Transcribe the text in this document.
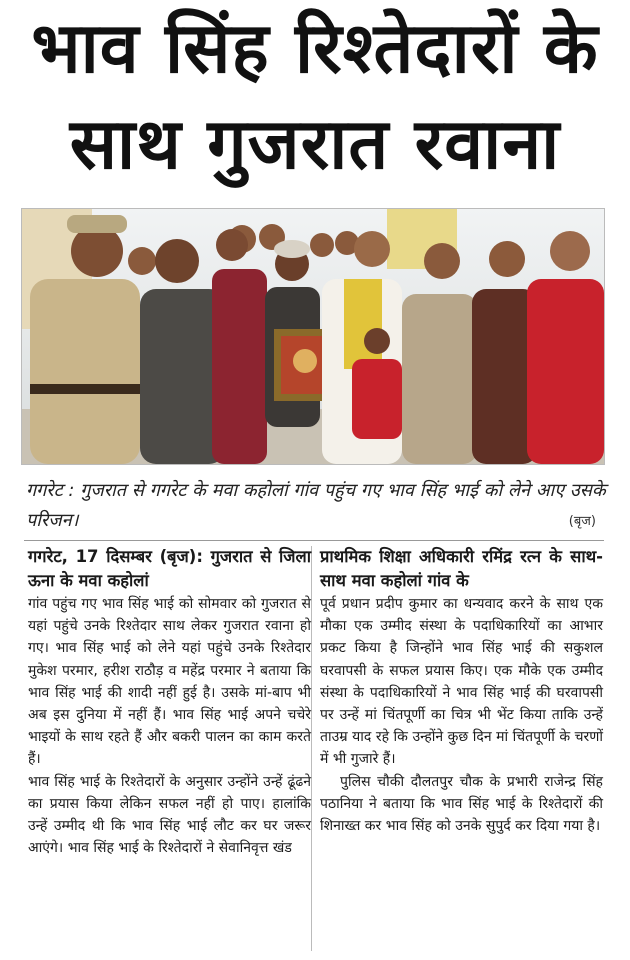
भाव सिंह रिश्तेदारों के
साथ गुजरात रवाना
गगरेट : गुजरात से गगरेट के मवा कहोलां गांव पहुंच गए भाव सिंह भाई को लेने आए उसके परिजन।	(बृज)

गगरेट, 17 दिसम्बर (बृज): गुजरात से जिला ऊना के मवा कहोलां

गांव पहुंच गए भाव सिंह भाई को सोमवार को गुजरात से यहां पहुंचे उनके रिश्तेदार साथ लेकर गुजरात रवाना हो गए। भाव सिंह भाई को लेने यहां पहुंचे उनके रिश्तेदार मुकेश परमार, हरीश राठौड़ व महेंद्र परमार ने बताया कि भाव सिंह भाई की शादी नहीं हुई है। उसके मां-बाप भी अब इस दुनिया में नहीं हैं। भाव सिंह भाई अपने चचेरे भाइयों के साथ रहते हैं और बकरी पालन का काम करते हैं।

भाव सिंह भाई के रिश्तेदारों के अनुसार उन्होंने उन्हें ढूंढने का प्रयास किया लेकिन सफल नहीं हो पाए। हालांकि उन्हें उम्मीद थी कि भाव सिंह भाई लौट कर घर जरूर आएंगे। भाव सिंह भाई के रिश्तेदारों ने सेवानिवृत्त खंड

प्राथमिक शिक्षा अधिकारी रमिंद्र रत्न के साथ-साथ मवा कहोलां गांव के

पूर्व प्रधान प्रदीप कुमार का धन्यवाद करने के साथ एक मौका एक उम्मीद संस्था के पदाधिकारियों का आभार प्रकट किया है जिन्होंने भाव सिंह भाई की सकुशल घरवापसी के सफल प्रयास किए। एक मौके एक उम्मीद संस्था के पदाधिकारियों ने भाव सिंह भाई की घरवापसी पर उन्हें मां चिंतपूर्णी का चित्र भी भेंट किया ताकि उन्हें ताउम्र याद रहे कि उन्होंने कुछ दिन मां चिंतपूर्णी के चरणों में भी गुजारे हैं।

पुलिस चौकी दौलतपुर चौक के प्रभारी राजेन्द्र सिंह पठानिया ने बताया कि भाव सिंह भाई के रिश्तेदारों की शिनाख्त कर भाव सिंह को उनके सुपुर्द कर दिया गया है।
